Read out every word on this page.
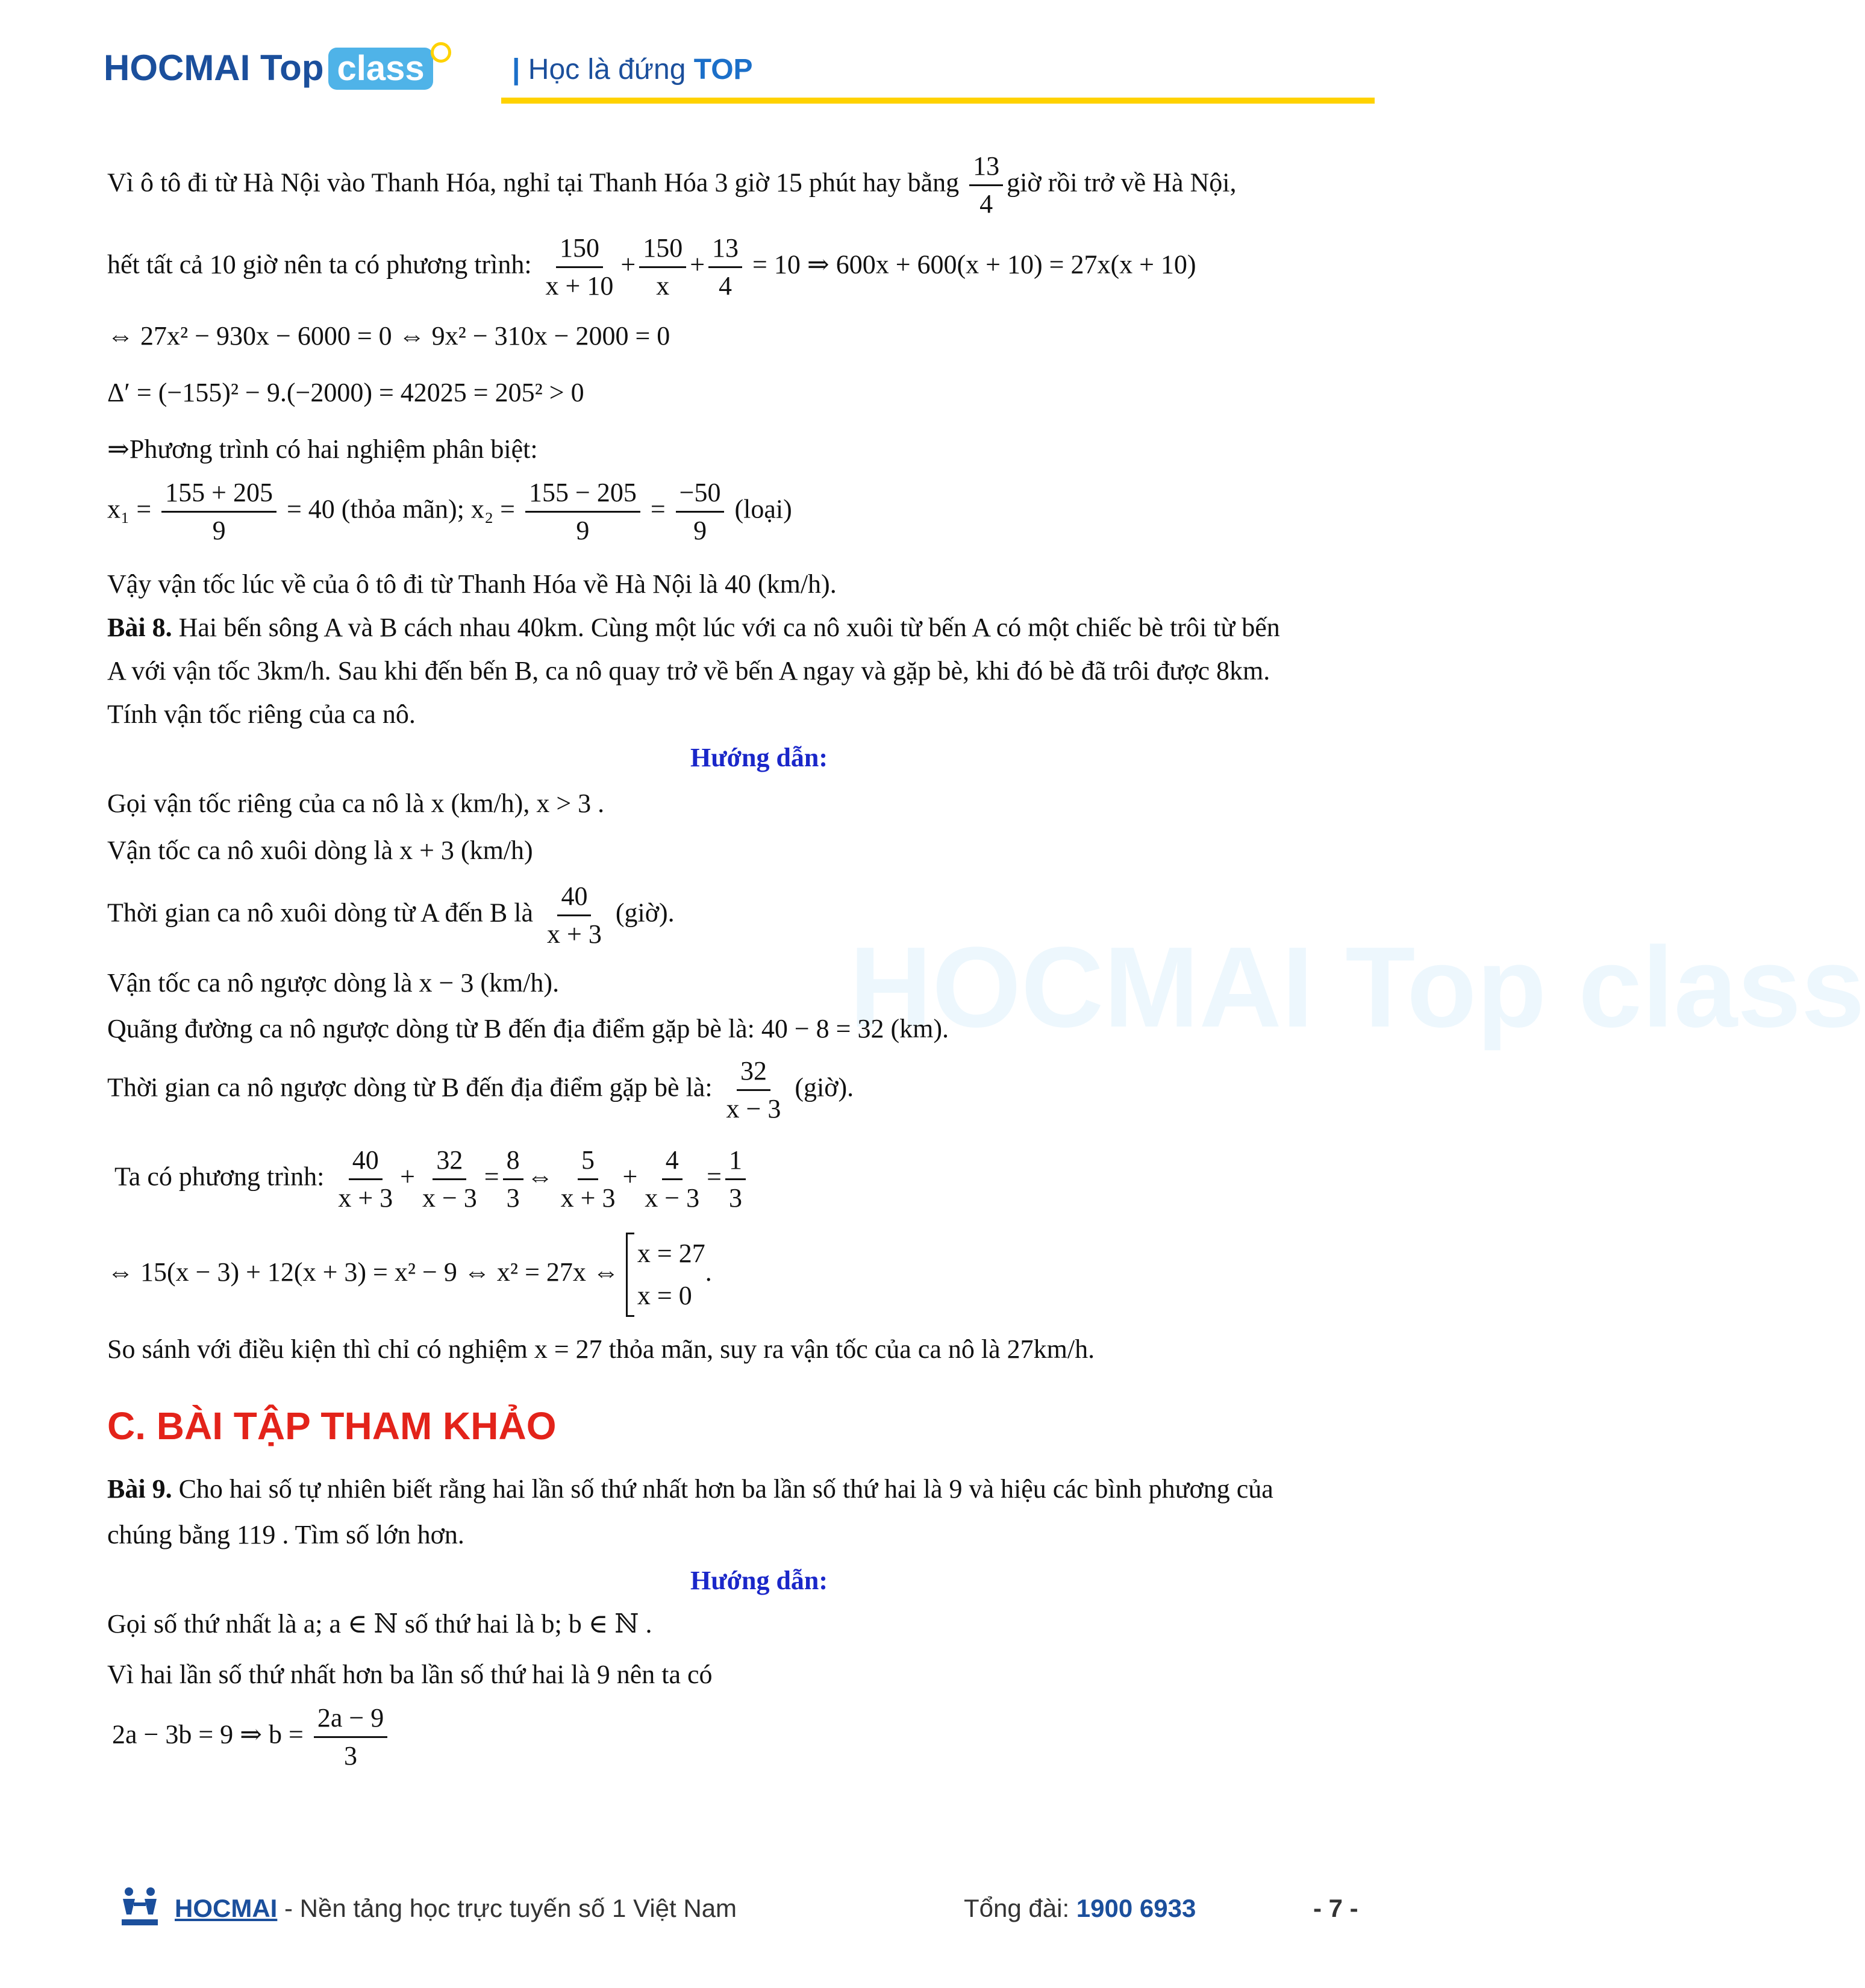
HOCMAI Top class	| Học là đứng TOP
HOCMAI Top class
Vì ô tô đi từ Hà Nội vào Thanh Hóa, nghỉ tại Thanh Hóa 3 giờ 15 phút hay bằng $\frac{13}{4}$ giờ rồi trở về Hà Nội,
hết tất cả 10 giờ nên ta có phương trình: $\frac{150}{x + 10} + \frac{150}{x} + \frac{13}{4} = 10$ ⇒ 600x + 600(x + 10) = 27x(x + 10)
⇔ 27x² − 930x − 6000 = 0 ⇔ 9x² − 310x − 2000 = 0
Δ′ = (−155)² − 9.(−2000) = 42025 = 205² > 0
⇒Phương trình có hai nghiệm phân biệt:
$x_1 = \frac{155 + 205}{9} = 40$ (thỏa mãn); $x_2 = \frac{155 - 205}{9} = \frac{-50}{9}$ (loại)
Vậy vận tốc lúc về của ô tô đi từ Thanh Hóa về Hà Nội là 40 (km/h).
Bài 8. Hai bến sông A và B cách nhau 40km. Cùng một lúc với ca nô xuôi từ bến A có một chiếc bè trôi từ bến
A với vận tốc 3km/h. Sau khi đến bến B, ca nô quay trở về bến A ngay và gặp bè, khi đó bè đã trôi được 8km.
Tính vận tốc riêng của ca nô.
Hướng dẫn:
Gọi vận tốc riêng của ca nô là x (km/h), x > 3 .
Vận tốc ca nô xuôi dòng là x + 3 (km/h)
Thời gian ca nô xuôi dòng từ A đến B là $\frac{40}{x + 3}$ (giờ).
Vận tốc ca nô ngược dòng là x − 3 (km/h).
Quãng đường ca nô ngược dòng từ B đến địa điểm gặp bè là: 40 − 8 = 32 (km).
Thời gian ca nô ngược dòng từ B đến địa điểm gặp bè là: $\frac{32}{x - 3}$ (giờ).
Ta có phương trình: $\frac{40}{x + 3} + \frac{32}{x - 3} = \frac{8}{3}$ ⇔ $\frac{5}{x + 3} + \frac{4}{x - 3} = \frac{1}{3}$
⇔ 15(x − 3) + 12(x + 3) = x² − 9 ⇔ x² = 27x ⇔
x = 27
x = 0
.
So sánh với điều kiện thì chỉ có nghiệm x = 27 thỏa mãn, suy ra vận tốc của ca nô là 27km/h.
C. BÀI TẬP THAM KHẢO
Bài 9. Cho hai số tự nhiên biết rằng hai lần số thứ nhất hơn ba lần số thứ hai là 9 và hiệu các bình phương của
chúng bằng 119 . Tìm số lớn hơn.
Hướng dẫn:
Gọi số thứ nhất là a; a ∈ ℕ số thứ hai là b; b ∈ ℕ .
Vì hai lần số thứ nhất hơn ba lần số thứ hai là 9 nên ta có
2a − 3b = 9 ⇒ $b = \frac{2a - 9}{3}$
HOCMAI - Nền tảng học trực tuyến số 1 Việt Nam	Tổng đài: 1900 6933	- 7 -
